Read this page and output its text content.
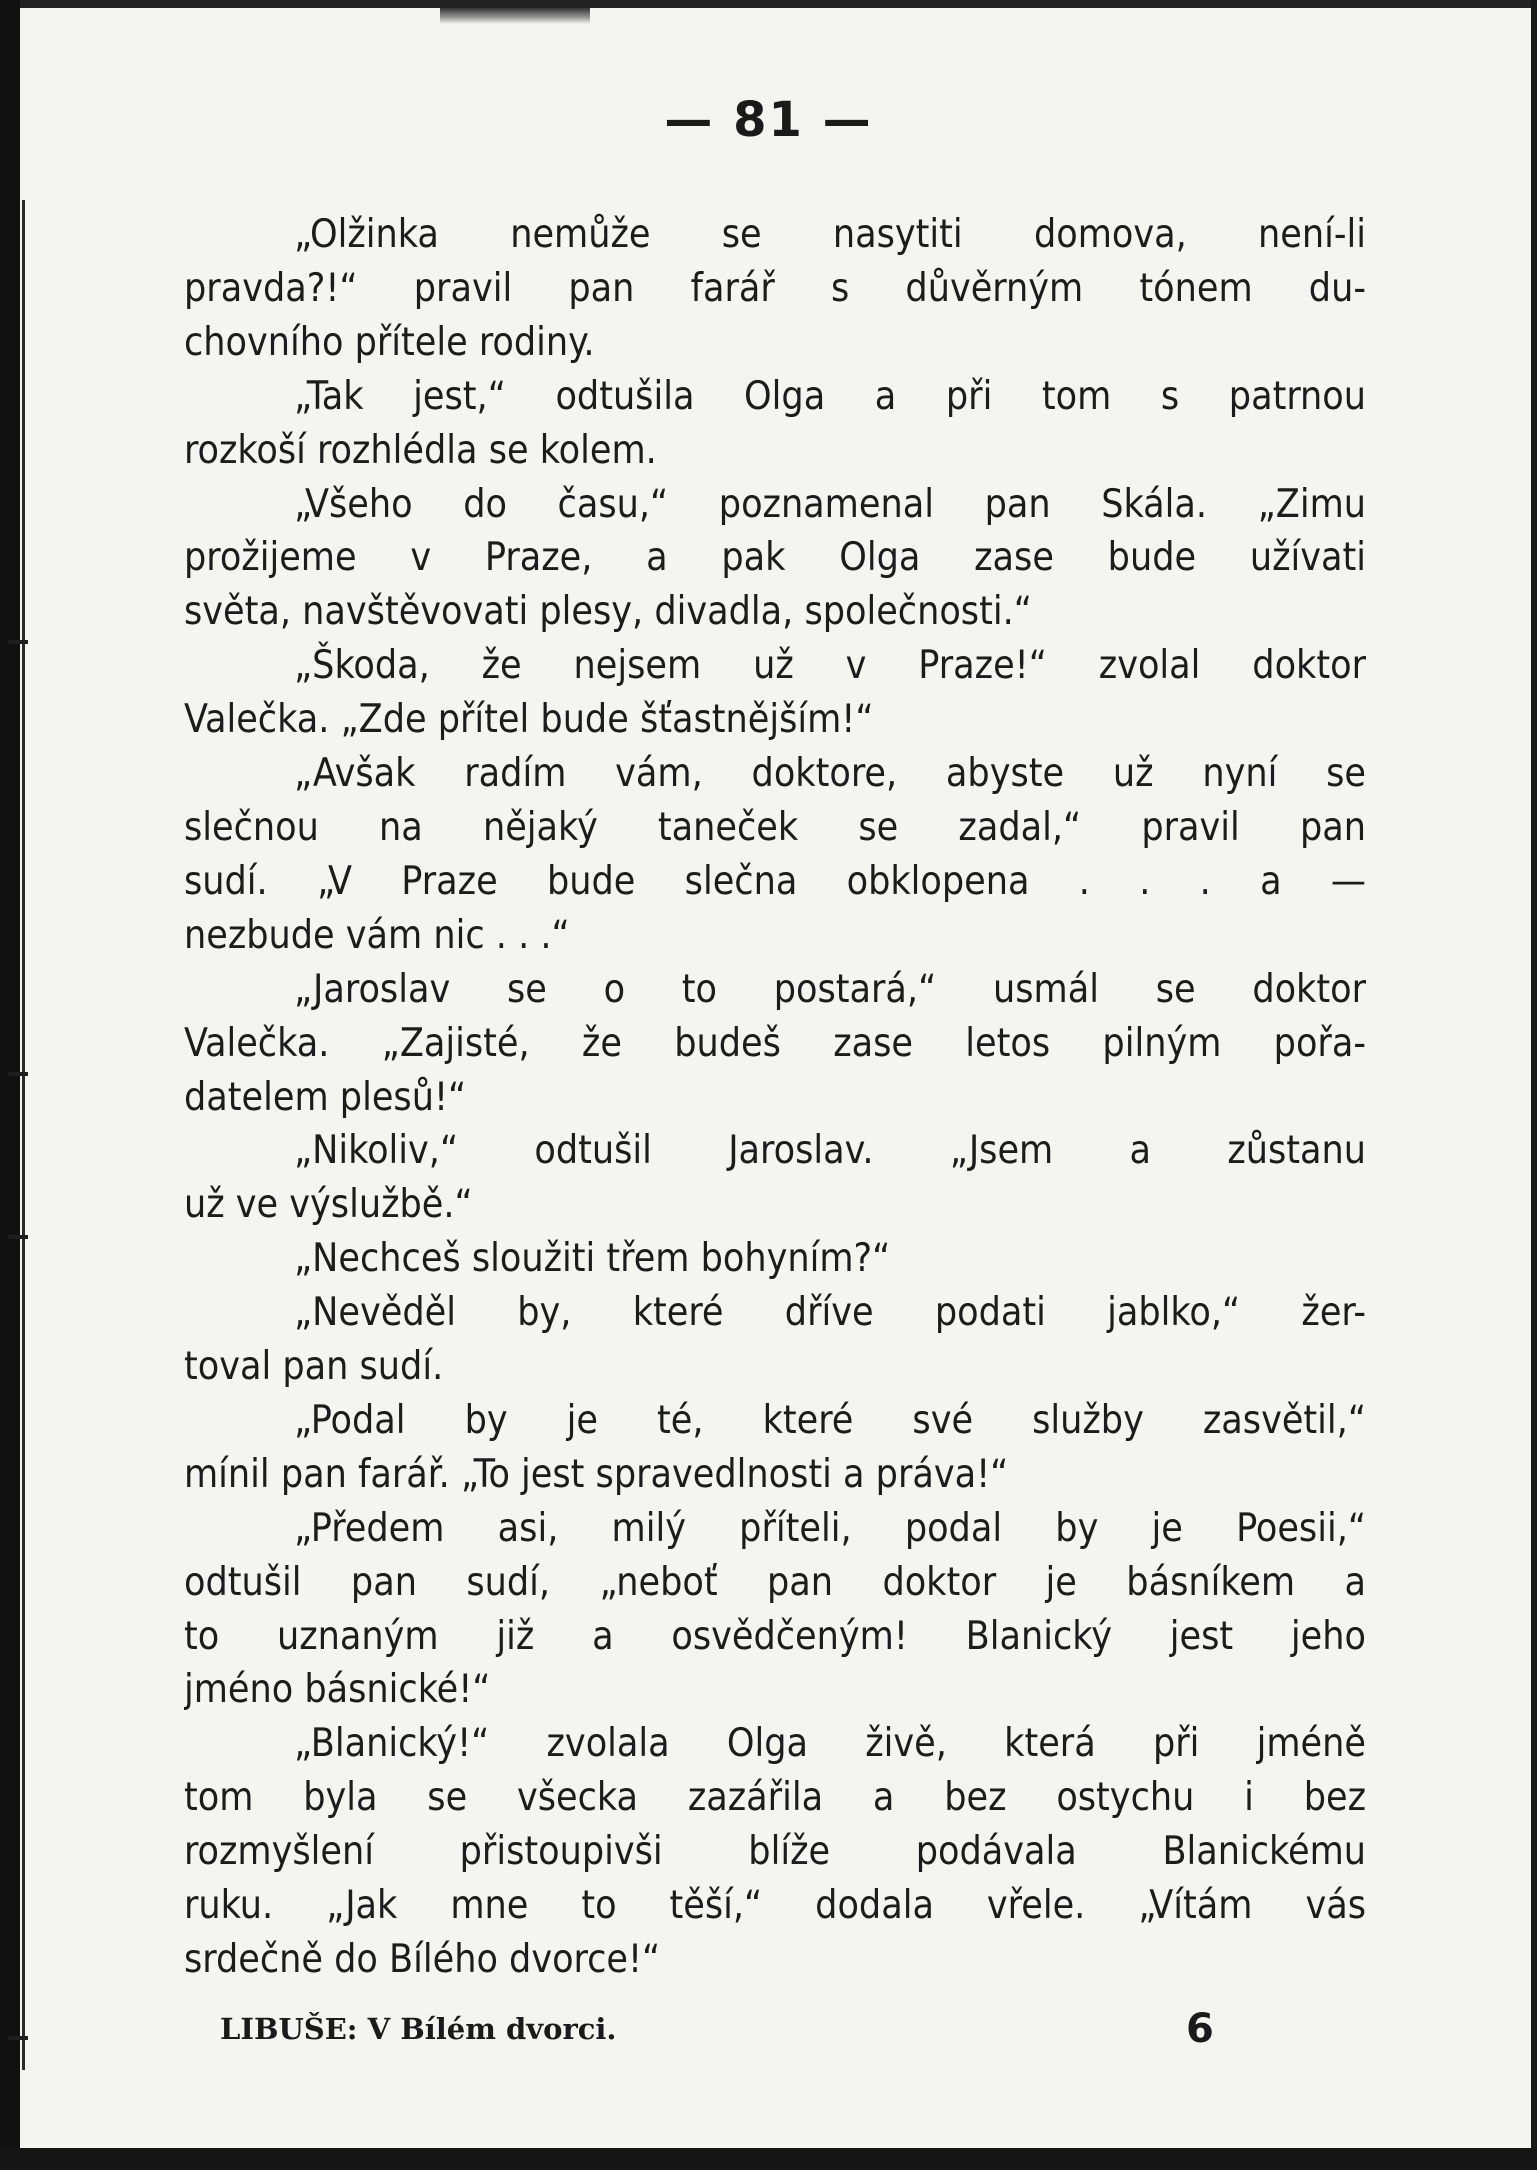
— 81 —

„Olžinka nemůže se nasytiti domova, není-li
pravda?!“ pravil pan farář s důvěrným tónem du-
chovního přítele rodiny.

„Tak jest,“ odtušila Olga a při tom s patrnou
rozkoší rozhlédla se kolem.

„Všeho do času,“ poznamenal pan Skála. „Zimu
prožijeme v Praze, a pak Olga zase bude užívati
světa, navštěvovati plesy, divadla, společnosti.“

„Škoda, že nejsem už v Praze!“ zvolal doktor
Valečka. „Zde přítel bude šťastnějším!“

„Avšak radím vám, doktore, abyste už nyní se
slečnou na nějaký taneček se zadal,“ pravil pan
sudí. „V Praze bude slečna obklopena . . . a —
nezbude vám nic . . .“

„Jaroslav se o to postará,“ usmál se doktor
Valečka. „Zajisté, že budeš zase letos pilným pořa-
datelem plesů!“

„Nikoliv,“ odtušil Jaroslav. „Jsem a zůstanu
už ve výslužbě.“

„Nechceš sloužiti třem bohyním?“

„Nevěděl by, které dříve podati jablko,“ žer-
toval pan sudí.

„Podal by je té, které své služby zasvětil,“
mínil pan farář. „To jest spravedlnosti a práva!“

„Předem asi, milý příteli, podal by je Poesii,“
odtušil pan sudí, „neboť pan doktor je básníkem a
to uznaným již a osvědčeným! Blanický jest jeho
jméno básnické!“

„Blanický!“ zvolala Olga živě, která při jméně
tom byla se všecka zazářila a bez ostychu i bez
rozmyšlení přistoupivši blíže podávala Blanickému
ruku. „Jak mne to těší,“ dodala vřele. „Vítám vás
srdečně do Bílého dvorce!“

LIBUŠE: V Bílém dvorci.	6
